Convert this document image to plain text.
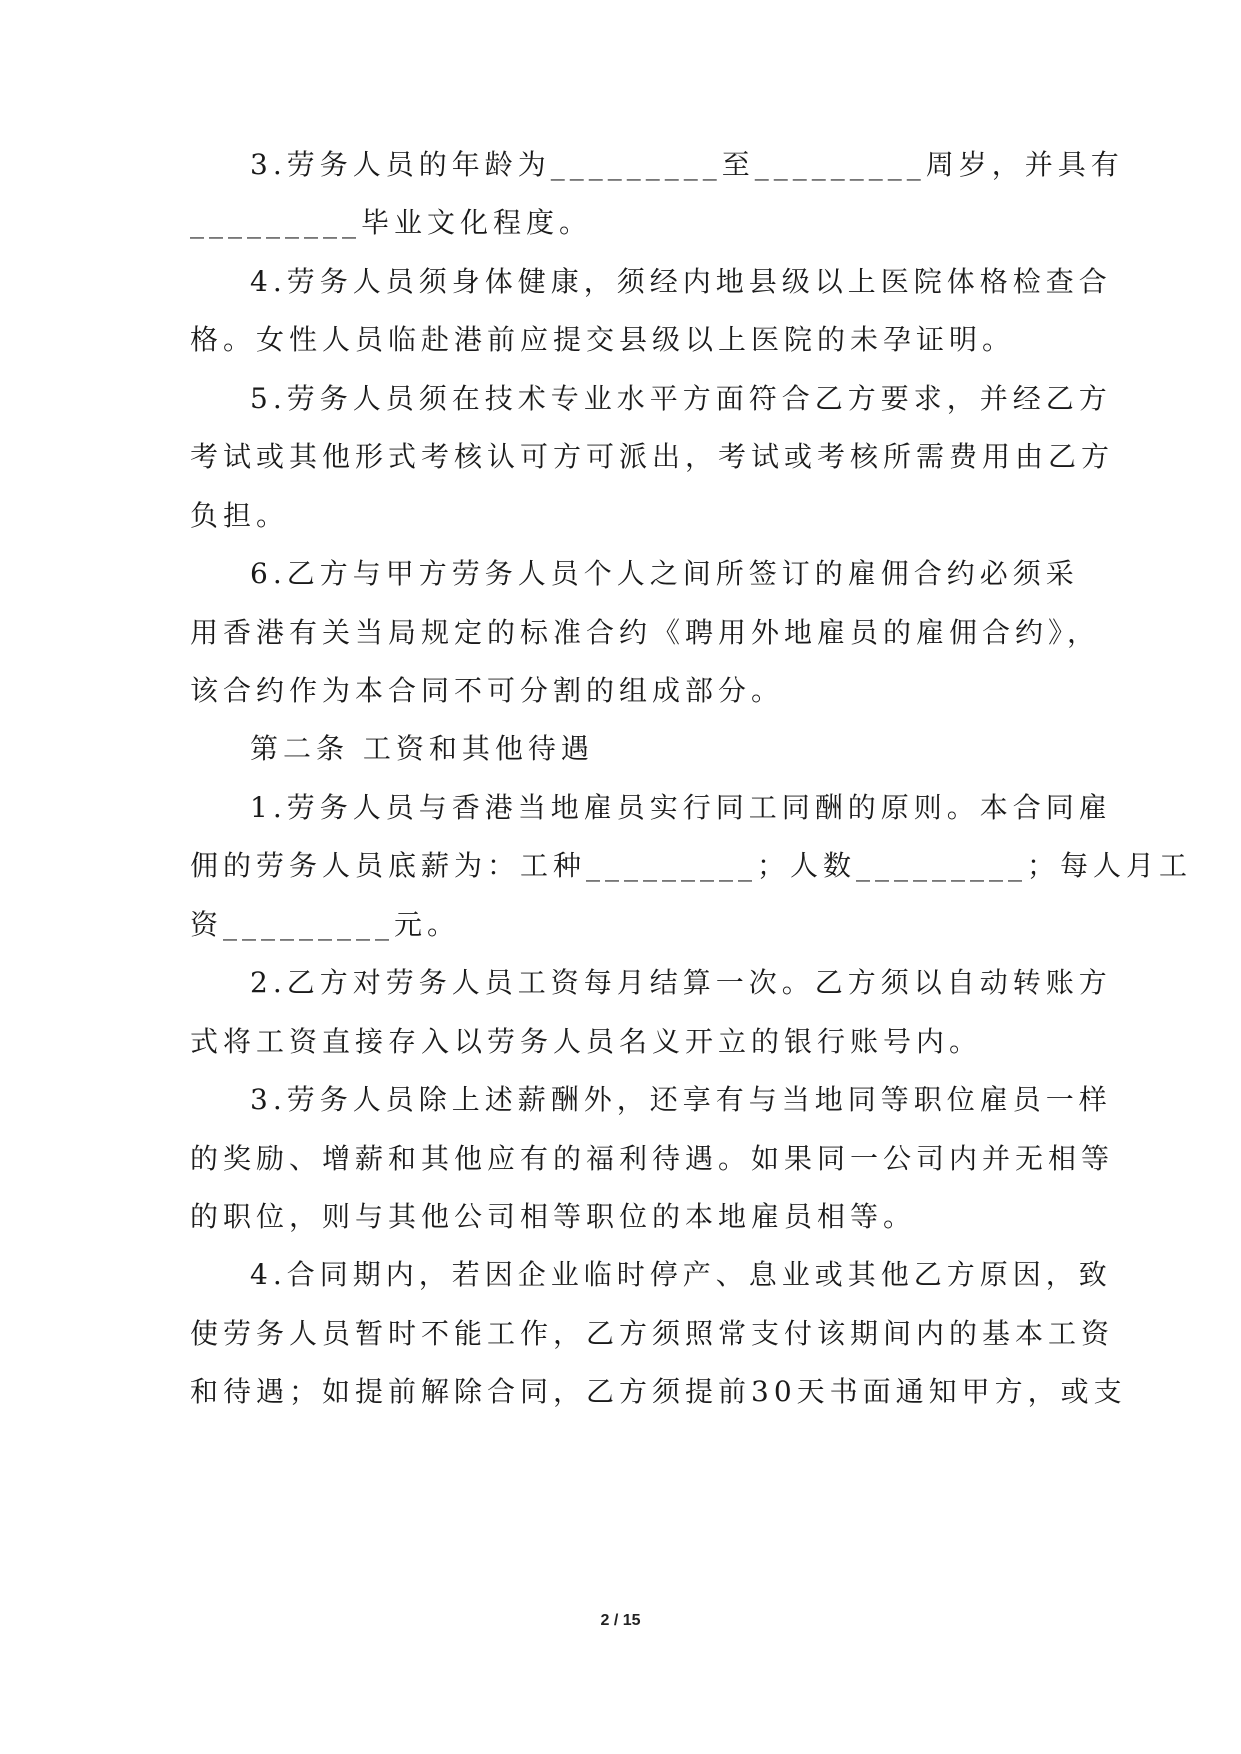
3.劳务人员的年龄为_________至_________周岁，并具有
_________毕业文化程度。
4.劳务人员须身体健康，须经内地县级以上医院体格检查合
格。女性人员临赴港前应提交县级以上医院的未孕证明。
5.劳务人员须在技术专业水平方面符合乙方要求，并经乙方
考试或其他形式考核认可方可派出，考试或考核所需费用由乙方
负担。
6.乙方与甲方劳务人员个人之间所签订的雇佣合约必须采
用香港有关当局规定的标准合约《聘用外地雇员的雇佣合约》，
该合约作为本合同不可分割的组成部分。
第二条 工资和其他待遇
1.劳务人员与香港当地雇员实行同工同酬的原则。本合同雇
佣的劳务人员底薪为：工种_________；人数_________；每人月工
资_________元。
2.乙方对劳务人员工资每月结算一次。乙方须以自动转账方
式将工资直接存入以劳务人员名义开立的银行账号内。
3.劳务人员除上述薪酬外，还享有与当地同等职位雇员一样
的奖励、增薪和其他应有的福利待遇。如果同一公司内并无相等
的职位，则与其他公司相等职位的本地雇员相等。
4.合同期内，若因企业临时停产、息业或其他乙方原因，致
使劳务人员暂时不能工作，乙方须照常支付该期间内的基本工资
和待遇；如提前解除合同，乙方须提前30天书面通知甲方，或支
2 / 15
